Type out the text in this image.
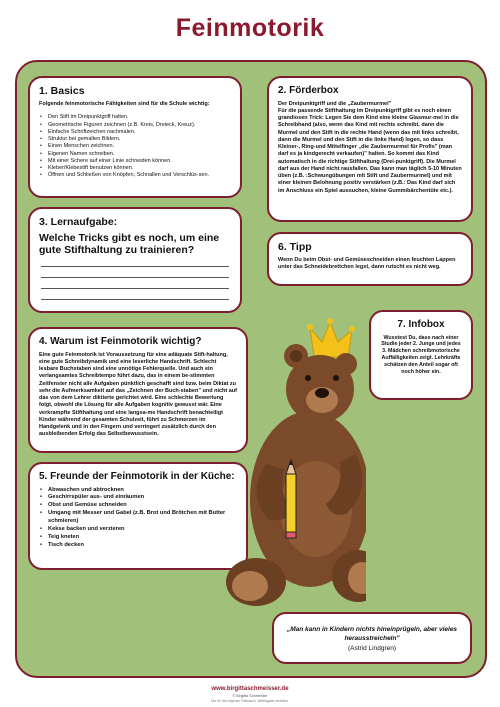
Feinmotorik
1. Basics

Folgende feinmotorische Fähigkeiten sind für die Schule wichtig:

• Den Stift im Dreipunktgriff halten.
• Geometrische Figuren zeichnen (z.B. Kreis, Dreieck, Kreuz).
• Einfache Schriftzeichen nachmalen.
• Struktur bei gemalten Bildern.
• Einen Menschen zeichnen.
• Eigenen Namen schreiben.
• Mit einer Schere auf einer Linie schneiden können.
• Kleber/Klebestift benutzen können.
• Öffnen und Schließen von Knöpfen, Schnallen und Verschlüs-sen.
3. Lernaufgabe:
Welche Tricks gibt es noch, um eine gute Stifthaltung zu trainieren?
2. Förderbox

Der Dreipunktgriff und die „Zaubermurmel"

Für die passende Stifthaltung im Dreipunktgriff gibt es noch einen grandiosen Trick: Legen Sie dem Kind eine kleine Glasmur-mel in die Schreibhand (also, wenn das Kind mit rechts schreibt, dann die Murmel und den Stift in die rechte Hand (wenn das mit links schreibt, dann die Murmel und den Stift in die linke Hand) legen, so dass Kleiner-, Ring-und Mittelfinger „die Zaubermurmel für Profis" (man darf es ja kindgerecht verkaufen)" halten. So kommt das Kind automatisch in die richtige Stifthaltung (Drei-punktgriff). Die Murmel darf aus der Hand nicht rausfallen. Das kann man täglich 5-10 Minuten üben (z.B. :Schwungübungen mit Stift und Zaubermurmel) und mit einer kleinen Belohnung positiv verstärken (z.B.: Das Kind darf sich im Anschluss ein Spiel aussuchen, kleine Gummibärchentüte etc.).

6. Tipp

Wenn Du beim Obst- und Gemüseschneiden einen feuchten Lappen unter das Schneidebrettchen legst, dann rutscht es nicht weg.

7. Infobox

Wusstest Du, dass nach einer Studie jeder 2. Junge und jedes 3. Mädchen schreibmotorische Auffälligkeiten zeigt. Lehrkräfte schätzen den Anteil sogar oft noch höher ein.

4. Warum ist Feinmotorik wichtig?

Eine gute Feinmotorik ist Voraussetzung für eine adäquate Stift-haltung, eine gute Schreibdynamik und eine leserliche Handschrift. Schlecht lesbare Buchstaben sind eine unnötige Fehlerquelle. Und auch ein verlangsamtes Schreibtempo führt dazu, das in einem be-stimmten Zeitfenster nicht alle Aufgaben pünktlich geschafft sind bzw. beim Diktat zu sehr die Aufmerksamkeit auf das „Zeichnen der Buch-staben" und nicht auf das von dem Lehrer diktierte gerichtet wird. Eine schlechte Bewertung folgt, obwohl die Lösung für alle Aufgaben kognitiv gewusst wär. Eine verkrampfte Stifthaltung und eine langsa-me Handschrift benachteiligt Kinder während der gesamten Schulzeit, führt zu Schmerzen im Handgelenk und in den Fingern und verringert zusätzlich durch den ausbleibenden Erfolg das Selbstbewusstsein.

5. Freunde der Feinmotorik in der Küche:
• Abwaschen und abtrocknen
• Geschirrspüler aus- und einräumen
• Obst und Gemüse schneiden
• Umgang mit Messer und Gabel (z.B. Brot und Brötchen mit Butter schmieren)
• Kekse backen und verzieren
• Teig kneten
• Tisch decken

„Man kann in Kindern nichts hineinprügeln, aber vieles herausstreicheln"

(Astrid Lindgren)

www.birgittaschmeisser.de
© Birgitta Schmeißer
Nur für den eigenen Gebrauch. Weitergabe verboten.
